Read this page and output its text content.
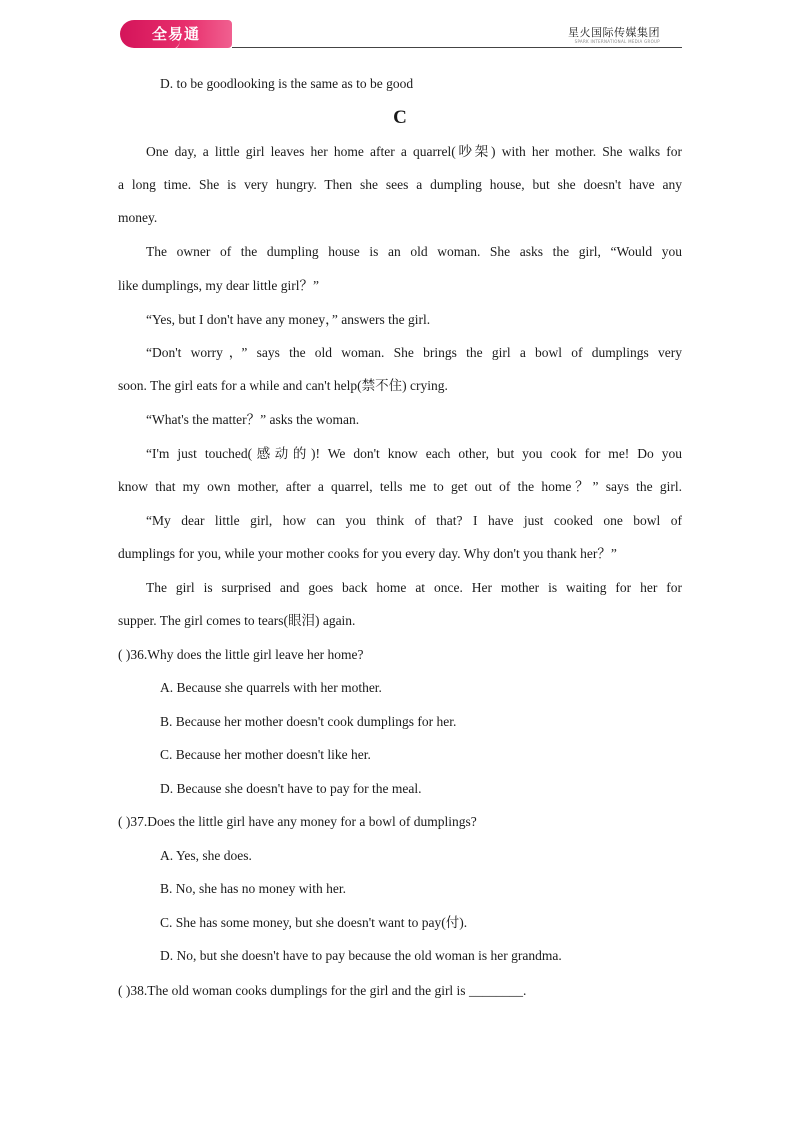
全易通	星火国际传媒集团
SPARK INTERNATIONAL MEDIA GROUP
D. to be goodlooking is the same as to be good
C
One day, a little girl leaves her home after a quarrel(吵架) with her mother. She walks for
a long time. She is very hungry. Then she sees a dumpling house, but she doesn't have any
money.
The owner of the dumpling house is an old woman. She asks the girl, “Would you
like dumplings, my dear little girl？”
“Yes, but I don't have any money，” answers the girl.
“Don't worry，” says the old woman. She brings the girl a bowl of dumplings very
soon. The girl eats for a while and can't help(禁不住) crying.
“What's the matter？” asks the woman.
“I'm just touched(感动的)! We don't know each other, but you cook for me! Do you
know that my own mother, after a quarrel, tells me to get out of the home？” says the girl.
“My dear little girl, how can you think of that? I have just cooked one bowl of
dumplings for you, while your mother cooks for you every day. Why don't you thank her？”
The girl is surprised and goes back home at once. Her mother is waiting for her for
supper. The girl comes to tears(眼泪) again.
( )36.Why does the little girl leave her home?
A. Because she quarrels with her mother.
B. Because her mother doesn't cook dumplings for her.
C. Because her mother doesn't like her.
D. Because she doesn't have to pay for the meal.
( )37.Does the little girl have any money for a bowl of dumplings?
A. Yes, she does.
B. No, she has no money with her.
C. She has some money, but she doesn't want to pay(付).
D. No, but she doesn't have to pay because the old woman is her grandma.
( )38.The old woman cooks dumplings for the girl and the girl is ________.
